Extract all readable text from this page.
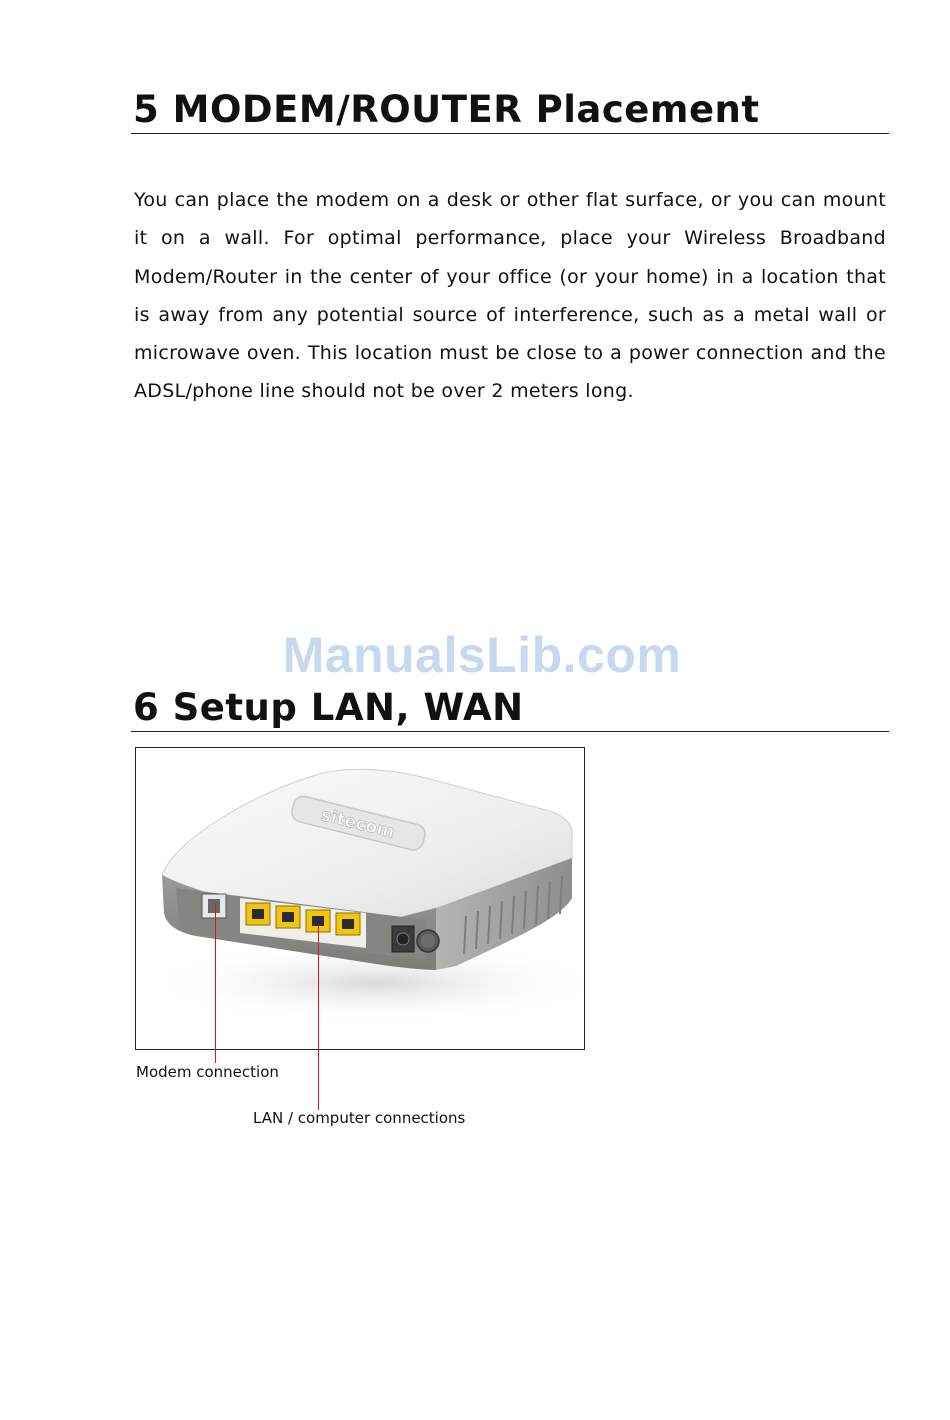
5 MODEM/ROUTER Placement

You can place the modem on a desk or other flat surface, or you can mount it on a wall. For optimal performance, place your Wireless Broadband Modem/Router in the center of your office (or your home) in a location that is away from any potential source of interference, such as a metal wall or microwave oven. This location must be close to a power connection and the ADSL/phone line should not be over 2 meters long.

ManualsLib.com
6 Setup LAN, WAN
sitecom
Modem connection
LAN / computer connections
